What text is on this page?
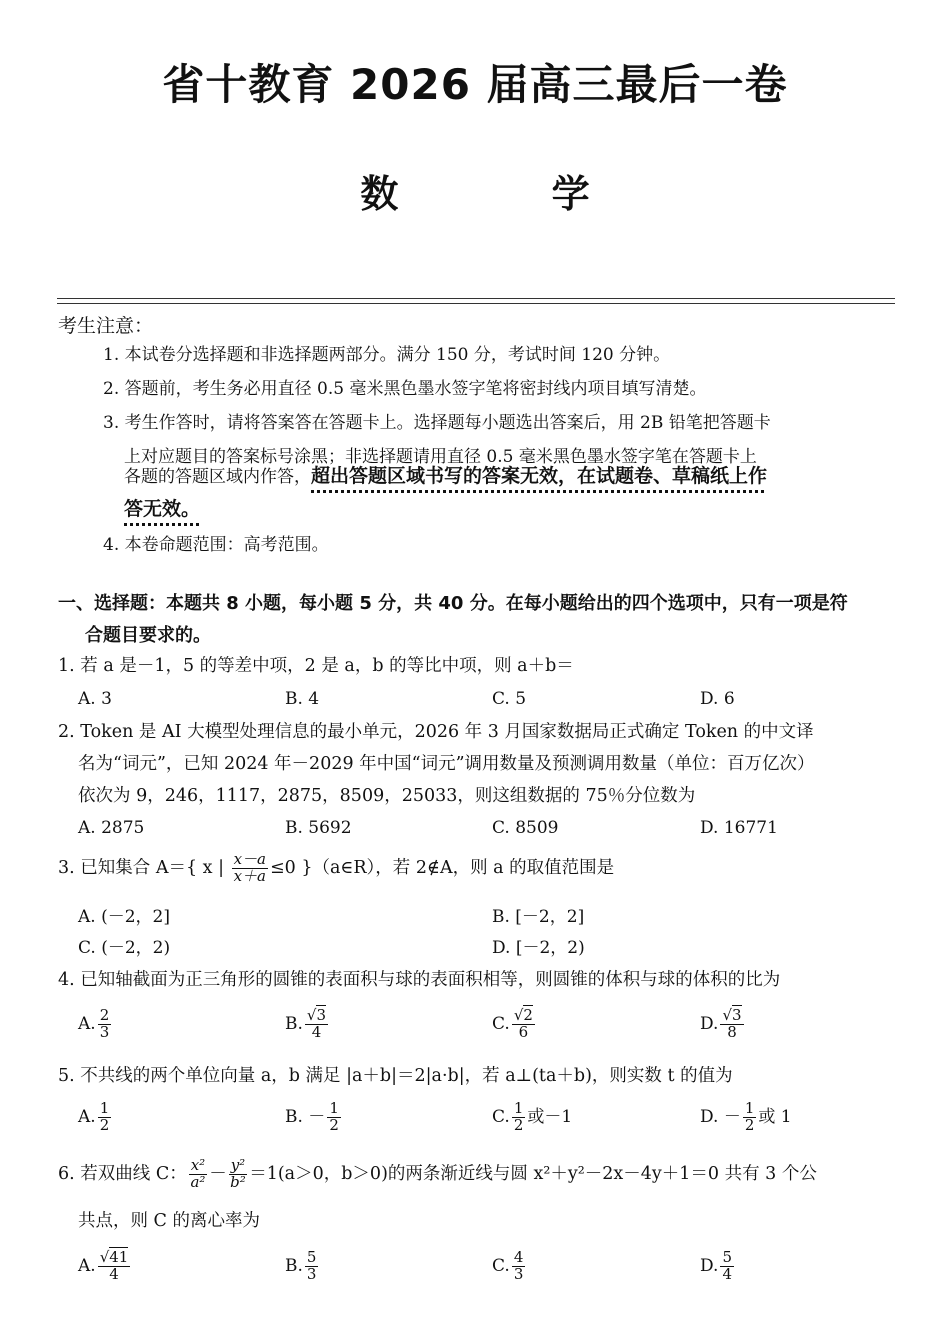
省十教育 2026 届高三最后一卷
数 学
考生注意：
1. 本试卷分选择题和非选择题两部分。满分 150 分，考试时间 120 分钟。
2. 答题前，考生务必用直径 0.5 毫米黑色墨水签字笔将密封线内项目填写清楚。
3. 考生作答时，请将答案答在答题卡上。选择题每小题选出答案后，用 2B 铅笔把答题卡
上对应题目的答案标号涂黑；非选择题请用直径 0.5 毫米黑色墨水签字笔在答题卡上
各题的答题区域内作答，超出答题区域书写的答案无效，在试题卷、草稿纸上作
答无效。
4. 本卷命题范围：高考范围。
一、选择题：本题共 8 小题，每小题 5 分，共 40 分。在每小题给出的四个选项中，只有一项是符
合题目要求的。
1. 若 a 是－1，5 的等差中项，2 是 a，b 的等比中项，则 a＋b＝
A. 3	B. 4	C. 5	D. 6
2. Token 是 AI 大模型处理信息的最小单元，2026 年 3 月国家数据局正式确定 Token 的中文译
名为“词元”，已知 2024 年－2029 年中国“词元”调用数量及预测调用数量（单位：百万亿次）
依次为 9，246，1117，2875，8509，25033，则这组数据的 75％分位数为
A. 2875	B. 5692	C. 8509	D. 16771
3. 已知集合 A＝{ x | $\frac{x-a}{x+a} \le 0$ }（a∈R），若 2∉A，则 a 的取值范围是
A. (－2，2]	B. [－2，2]
C. (－2，2)	D. [－2，2)
4. 已知轴截面为正三角形的圆锥的表面积与球的表面积相等，则圆锥的体积与球的体积的比为
A. $\frac{2}{3}$	B. √ $\frac{3}{4}$	C. √ $\frac{2}{6}$	D. √ $\frac{3}{8}$
5. 不共线的两个单位向量 a，b 满足 |a＋b|＝2|a·b|，若 a⊥(ta＋b)，则实数 t 的值为
A. $\frac{1}{2}$	B. － $\frac{1}{2}$	C. $\frac{1}{2}$ 或－1	D. － $\frac{1}{2}$ 或 1
6. 若双曲线 C： $\frac{\text{x²}}{\text{a²}} - \frac{\text{y²}}{\text{b²}} =1(a>0$，b＞0)的两条渐近线与圆 x²＋y²－2x－4y＋1＝0 共有 3 个公
共点，则 C 的离心率为
A. √ $\frac{41}{4}$	B. $\frac{5}{3}$	C. $\frac{4}{3}$	D. $\frac{5}{4}$
